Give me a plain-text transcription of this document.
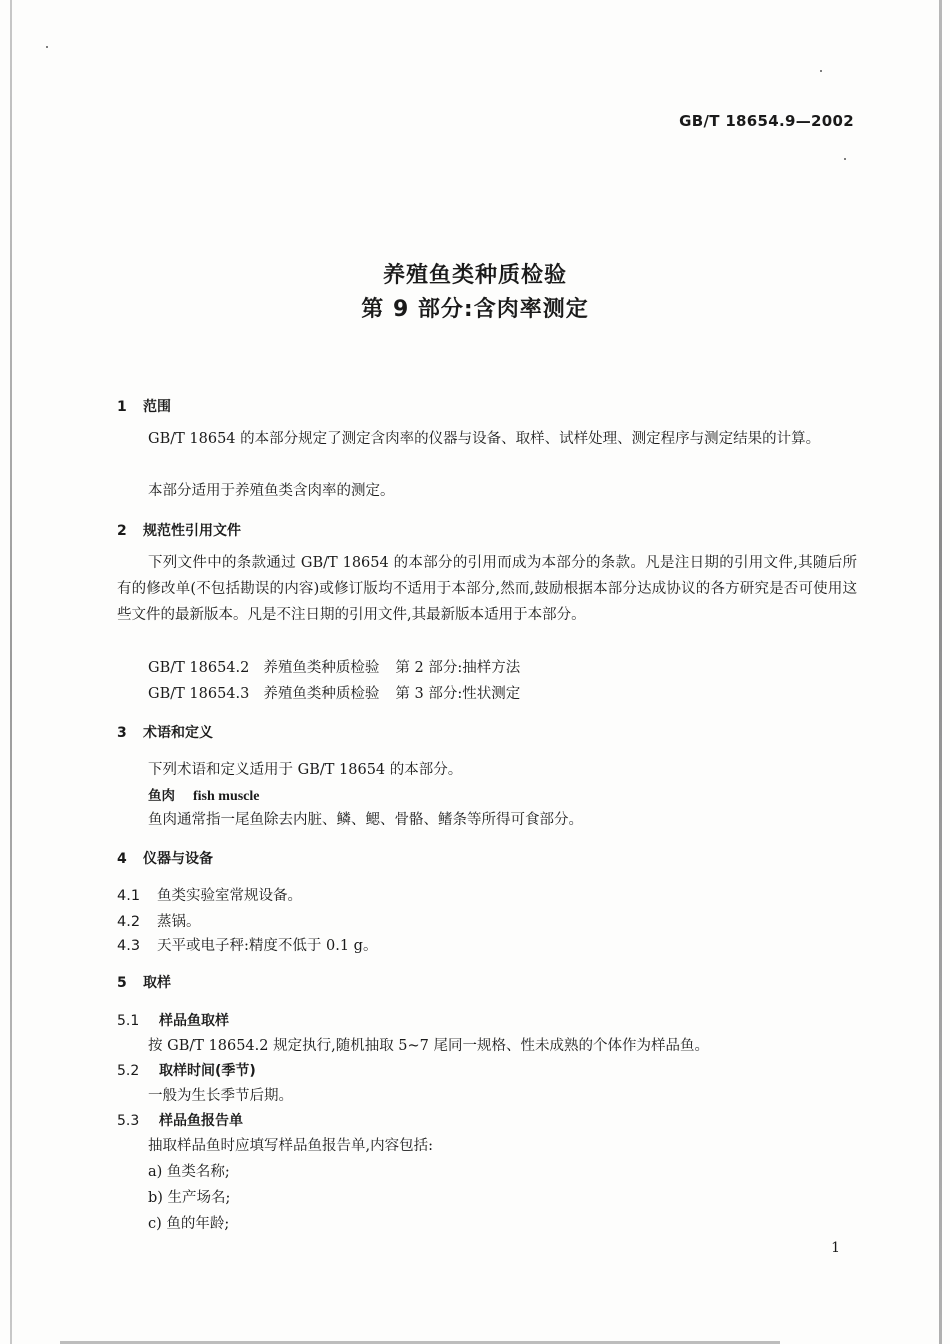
GB/T 18654.9—2002
养殖鱼类种质检验
第 9 部分:含肉率测定
1 范围
GB/T 18654 的本部分规定了测定含肉率的仪器与设备、取样、试样处理、测定程序与测定结果的计算。
本部分适用于养殖鱼类含肉率的测定。
2 规范性引用文件
下列文件中的条款通过 GB/T 18654 的本部分的引用而成为本部分的条款。凡是注日期的引用文件,其随后所有的修改单(不包括勘误的内容)或修订版均不适用于本部分,然而,鼓励根据本部分达成协议的各方研究是否可使用这些文件的最新版本。凡是不注日期的引用文件,其最新版本适用于本部分。
GB/T 18654.2 养殖鱼类种质检验 第 2 部分:抽样方法
GB/T 18654.3 养殖鱼类种质检验 第 3 部分:性状测定
3 术语和定义
下列术语和定义适用于 GB/T 18654 的本部分。
鱼肉 fish muscle
鱼肉通常指一尾鱼除去内脏、鳞、鳃、骨骼、鳍条等所得可食部分。
4 仪器与设备
4.1 鱼类实验室常规设备。
4.2 蒸锅。
4.3 天平或电子秤:精度不低于 0.1 g。
5 取样
5.1 样品鱼取样
按 GB/T 18654.2 规定执行,随机抽取 5~7 尾同一规格、性未成熟的个体作为样品鱼。
5.2 取样时间(季节)
一般为生长季节后期。
5.3 样品鱼报告单
抽取样品鱼时应填写样品鱼报告单,内容包括:
a) 鱼类名称;
b) 生产场名;
c) 鱼的年龄;
1
